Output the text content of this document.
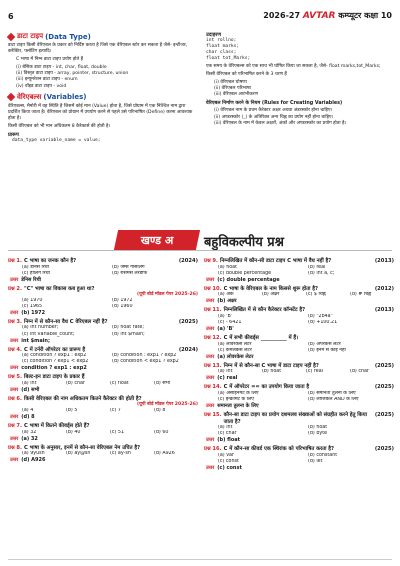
6	2026-27 AVTAR कम्प्यूटर कक्षा 10
डाटा टाइप (Data Type)
डाटा टाइप किसी वेरिएबल के प्रकार को निर्दिष्ट करता है जिसे एक वेरिएबल स्टोर कर सकता है जैसे- इन्टीजर, करेक्टिर, फ्लोटिंग इत्यादि।
C भाषा में निम्न डाटा टाइप प्रयोग होते हैं
(i) बेसिक डाटा टाइप - int, char, float, double
(ii) विस्तृत डाटा टाइप - array, pointer, structure, union
(iii) इन्यूमरेशन डाटा टाइप - enum
(iv) वॉइड डाटा टाइप - void
वेरिएबल्स (Variables)
वेरिएबल्स, मैमोरी में वह स्थिति है जिसमें कोई मान (Value) होता है, जिसे प्रोग्राम में एक निश्चित नाम द्वारा प्रदर्शित किया जाता है। वेरिएबल को प्रोग्राम में उपयोग करने से पहले उसे परिभाषित (Define) करना आवश्यक होता है।
किसी वेरिएबल को भी मान अधिकतम 8 कैरेक्टर्स की होती है।
प्रारूप
data_type variable_name = value;
उदाहरण
int rollno;
float marks;
char class;
float tot_Marks;
एक समय के वेरिएबल्स को एक साथ भी घोषित किया जा सकता है, जैसे- float marks,tot_Marks;
किसी वेरिएबल को परिभाषित करने के 3 चरण हैं
(i) वेरिएबल घोषणा
(ii) वेरिएबल परिभाषा
(iii) वेरिएबल आरंभीकरण
वेरिएबल निर्माण करने के नियम (Rules for Creating Variables)
(i) वेरिएबल नाम के प्रथम कैरेक्टर अक्षर अथवा अंडरस्कोर होना चाहिए।
(ii) अण्डरस्कोर (_) के अतिरिक्त अन्य चिह्न का प्रयोग नहीं होना चाहिए।
(iii) वेरिएबल के नाम में केवल अक्षरों, अंकों और अण्डरस्कोर का प्रयोग होता है।
खण्ड अ बहुविकल्पीय प्रश्न
प्रश्न 1. C भाषा का जनक कौन है?	(2024)
(a) डेनिस रिची	(b) जेम्स गोसलिंग
(c) हॉलिंग रिची	(d) रासमस लेरडॉर्फ
उत्तर डेनिस रिची
प्रश्न 2. "C" भाषा का विकास कब हुआ था?
(यूपी बोर्ड मॉडल पेपर 2025-26)
(a) 1970	(b) 1972
(c) 1965	(d) 1960
उत्तर (b) 1972
प्रश्न 3. निम्न में से कौन-सा वैध C वेरिएबल नहीं है?	(2025)
(a) int number;	(b) float rate;
(c) int variable_count;	(d) int $main;
उत्तर int $main;
प्रश्न 4. C में टर्नरी ऑपरेटर का प्रारूप है	(2024)
(a) condition ? exp1 : exp2	(b) condition : exp1 ? exp2
(c) condition ? exp1 < exp2	(d) condition < exp1 ? exp2
उत्तर condition ? exp1 : exp2
प्रश्न 5. बिल्ट-इन डाटा टाइप के प्रकार हैं
(a) int	(b) char	(c) float	(d) सभी
उत्तर (d) सभी
प्रश्न 6. किसी वेरिएबल की नाम अधिकतम कितने कैरेक्टर की होती है?
(यूपी बोर्ड मॉडल पेपर 2025-26)
(a) 4	(b) 5	(c) 7	(d) 8
उत्तर (d) 8
प्रश्न 7. C भाषा में कितने कीवर्ड्स होते हैं?
(a) 32	(b) 40	(c) 51	(d) 60
उत्तर (a) 32
प्रश्न 8. C भाषा के अनुसार, इनमें से कौन-सा वेरिएबल नेम उचित है?
(a) 9yush	(b) ay@sh	(c) ay-sh	(d) A926
उत्तर (d) A926
प्रश्न 9. निम्नलिखित में कौन-सी डाटा टाइप C भाषा में वैध नहीं है?	(2013)
(a) float	(b) real
(c) double percentage	(d) int a, c;
उत्तर (c) double percentage
प्रश्न 10. C भाषा के वेरिएबल के नाम किससे शुरू होता है?	(2012)
(a) अंक	(b) अक्षर	(c) $ चिह्न	(d) # चिह्न
उत्तर (b) अक्षर
प्रश्न 11. निम्नलिखित में से कौन कैरेक्टर कॉन्स्टेंट है?	(2013)
(a) 'B'	(b) "2b4a"
(c) - 6421	(d) +100.21
उत्तर (a) 'B'
प्रश्न 12. C में सभी कीवर्ड्स __________ में हैं।
(a) लोवरकेस लेटर	(b) अपरकेस लेटर
(c) कैमलकेस लेटर	(d) इनमें से कोई नहीं
उत्तर (a) लोवरकेस लेटर
प्रश्न 13. निम्न में से कौन-सा C भाषा में डाटा टाइप नहीं है?	(2025)
(a) int	(b) float	(c) real	(d) char
उत्तर (c) real
प्रश्न 14. C में ऑपरेटर == का उपयोग किया जाता है	(2025)
(a) असाइनमेंट के लिए	(b) समानता तुलना के लिए
(c) इन्क्रीमेंट के लिए	(d) लॉजिकल AND के लिए
उत्तर समानता तुलना के लिए
प्रश्न 15. कौन-सा डाटा टाइप का प्रयोग दशमलव संख्याओं को संग्रहीत करने हेतु किया जाता है?
(2025)
(a) int	(b) float
(c) char	(d) byte
उत्तर (b) float
प्रश्न 16. C में कौन-सा कीवर्ड एक स्थिरांक को परिभाषित करता है?	(2025)
(a) var	(b) constant
(c) const	(d) let
उत्तर (c) const
